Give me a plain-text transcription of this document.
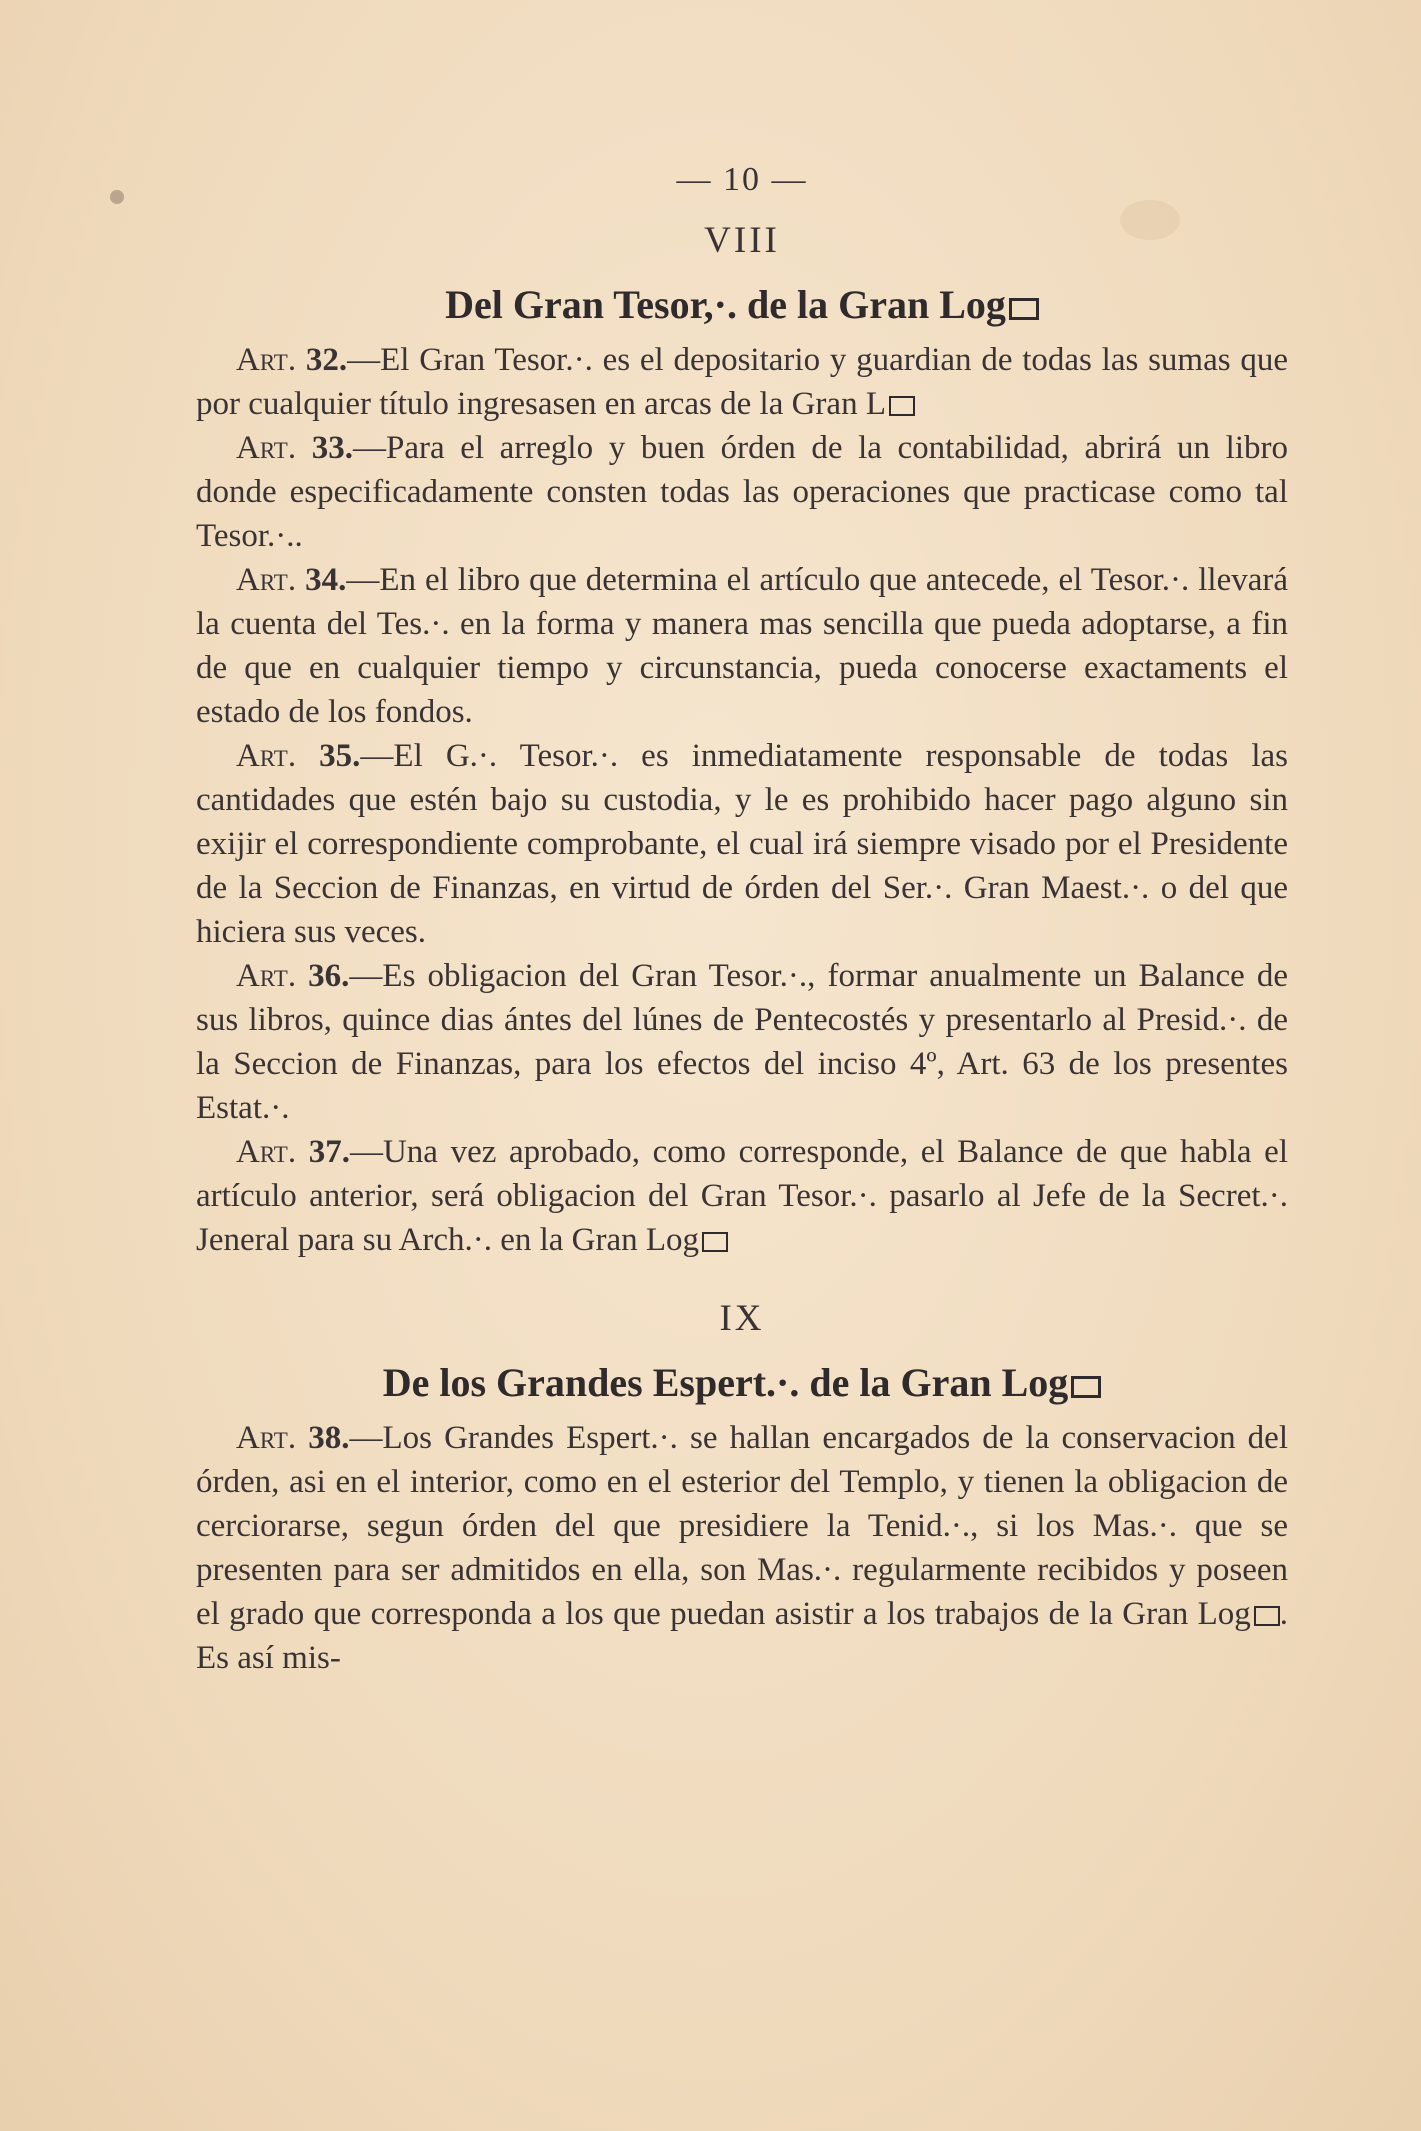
— 10 —
VIII
Del Gran Tesor,·. de la Gran Log

Art. 32.—El Gran Tesor.·. es el depositario y guardian de todas las sumas que por cualquier título ingresasen en arcas de la Gran L

Art. 33.—Para el arreglo y buen órden de la contabilidad, abrirá un libro donde especificadamente consten todas las operaciones que practicase como tal Tesor.·..

Art. 34.—En el libro que determina el artículo que antecede, el Tesor.·. llevará la cuenta del Tes.·. en la forma y manera mas sencilla que pueda adoptarse, a fin de que en cualquier tiempo y circunstancia, pueda conocerse exactaments el estado de los fondos.

Art. 35.—El G.·. Tesor.·. es inmediatamente responsable de todas las cantidades que estén bajo su custodia, y le es prohibido hacer pago alguno sin exijir el correspondiente comprobante, el cual irá siempre visado por el Presidente de la Seccion de Finanzas, en virtud de órden del Ser.·. Gran Maest.·. o del que hiciera sus veces.

Art. 36.—Es obligacion del Gran Tesor.·., formar anualmente un Balance de sus libros, quince dias ántes del lúnes de Pentecostés y presentarlo al Presid.·. de la Seccion de Finanzas, para los efectos del inciso 4º, Art. 63 de los presentes Estat.·.

Art. 37.—Una vez aprobado, como corresponde, el Balance de que habla el artículo anterior, será obligacion del Gran Tesor.·. pasarlo al Jefe de la Secret.·. Jeneral para su Arch.·. en la Gran Log

IX
De los Grandes Espert.·. de la Gran Log

Art. 38.—Los Grandes Espert.·. se hallan encargados de la conservacion del órden, asi en el interior, como en el esterior del Templo, y tienen la obligacion de cerciorarse, segun órden del que presidiere la Tenid.·., si los Mas.·. que se presenten para ser admitidos en ella, son Mas.·. regularmente recibidos y poseen el grado que corresponda a los que puedan asistir a los trabajos de la Gran Log . Es así mis-
